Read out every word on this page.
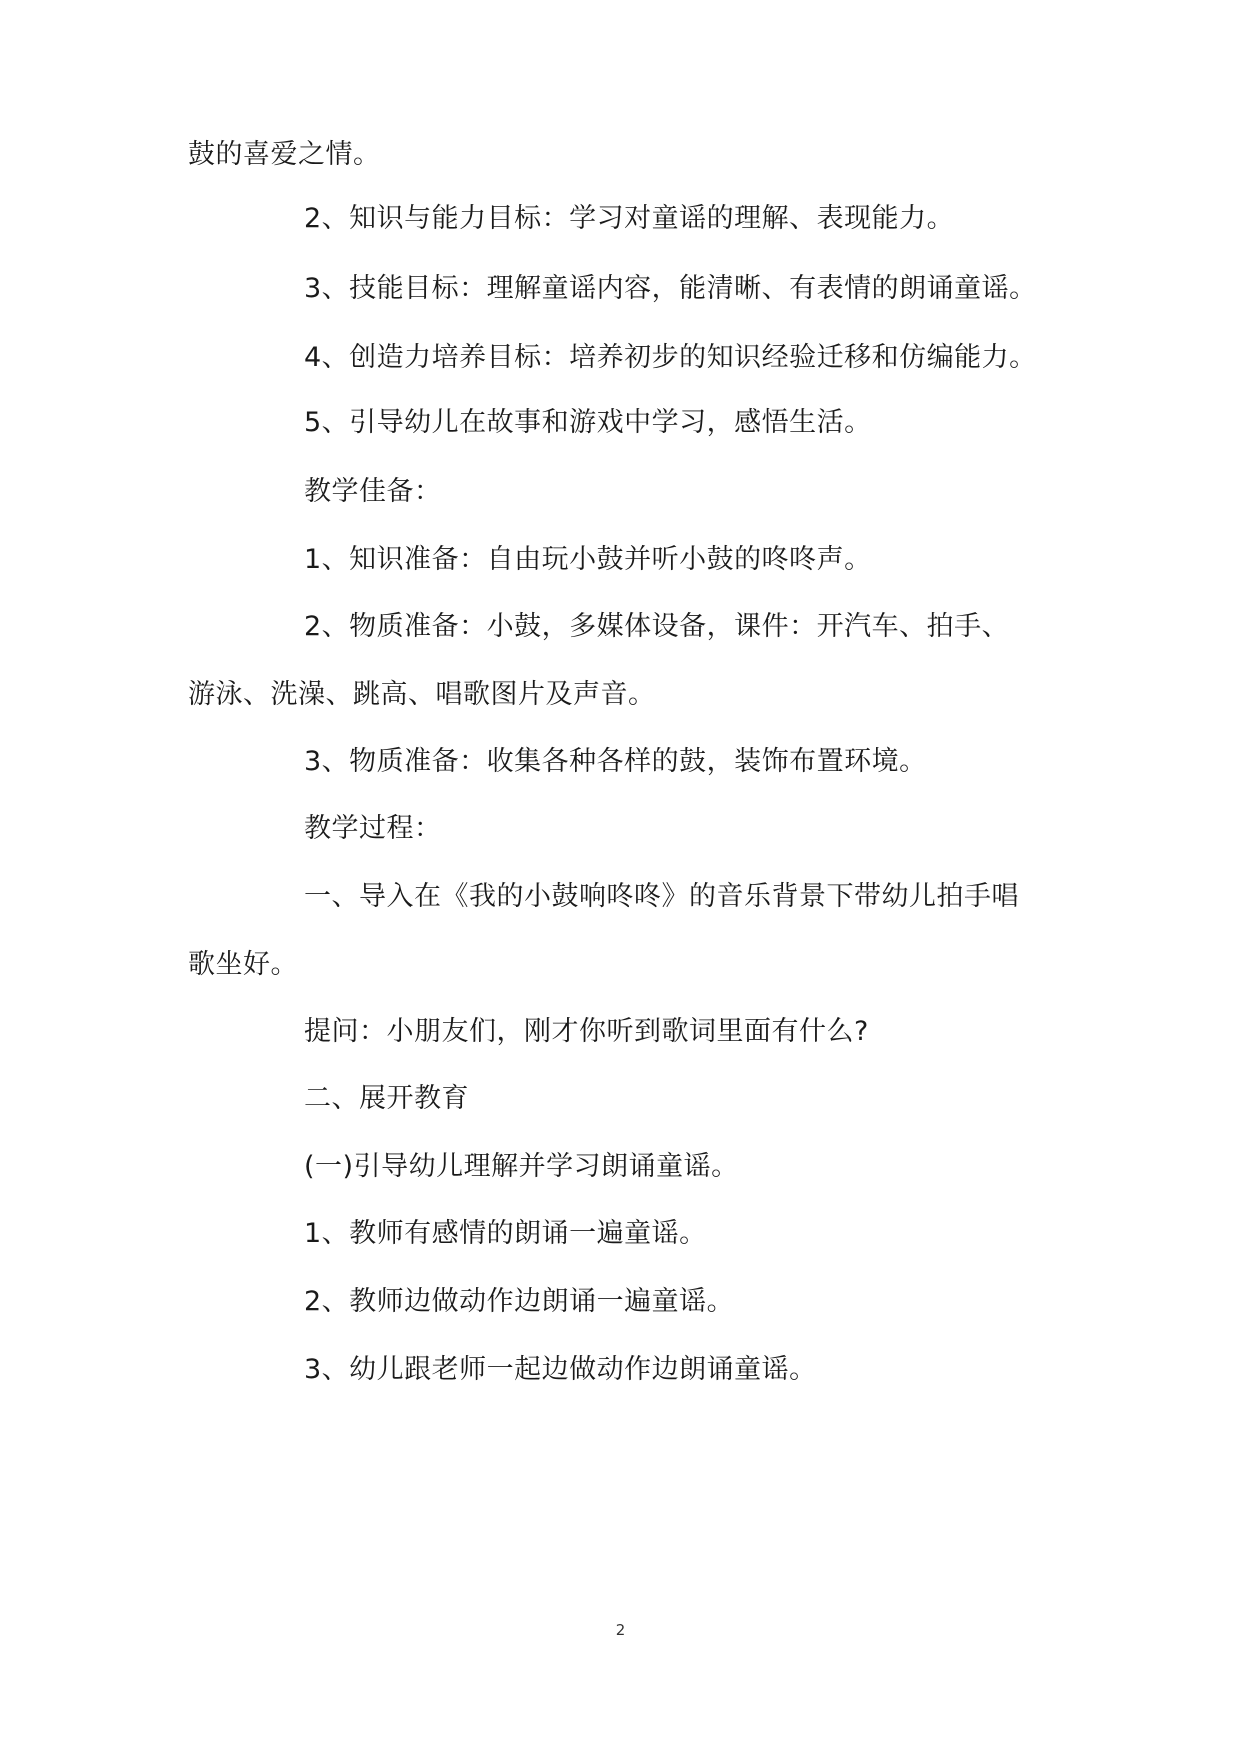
鼓的喜爱之情。
2、知识与能力目标：学习对童谣的理解、表现能力。
3、技能目标：理解童谣内容，能清晰、有表情的朗诵童谣。
4、创造力培养目标：培养初步的知识经验迁移和仿编能力。
5、引导幼儿在故事和游戏中学习，感悟生活。
教学佳备：
1、知识准备：自由玩小鼓并听小鼓的咚咚声。
2、物质准备：小鼓，多媒体设备，课件：开汽车、拍手、
游泳、洗澡、跳高、唱歌图片及声音。
3、物质准备：收集各种各样的鼓，装饰布置环境。
教学过程：
一、导入在《我的小鼓响咚咚》的音乐背景下带幼儿拍手唱
歌坐好。
提问：小朋友们，刚才你听到歌词里面有什么?
二、展开教育
(一)引导幼儿理解并学习朗诵童谣。
1、教师有感情的朗诵一遍童谣。
2、教师边做动作边朗诵一遍童谣。
3、幼儿跟老师一起边做动作边朗诵童谣。
2
